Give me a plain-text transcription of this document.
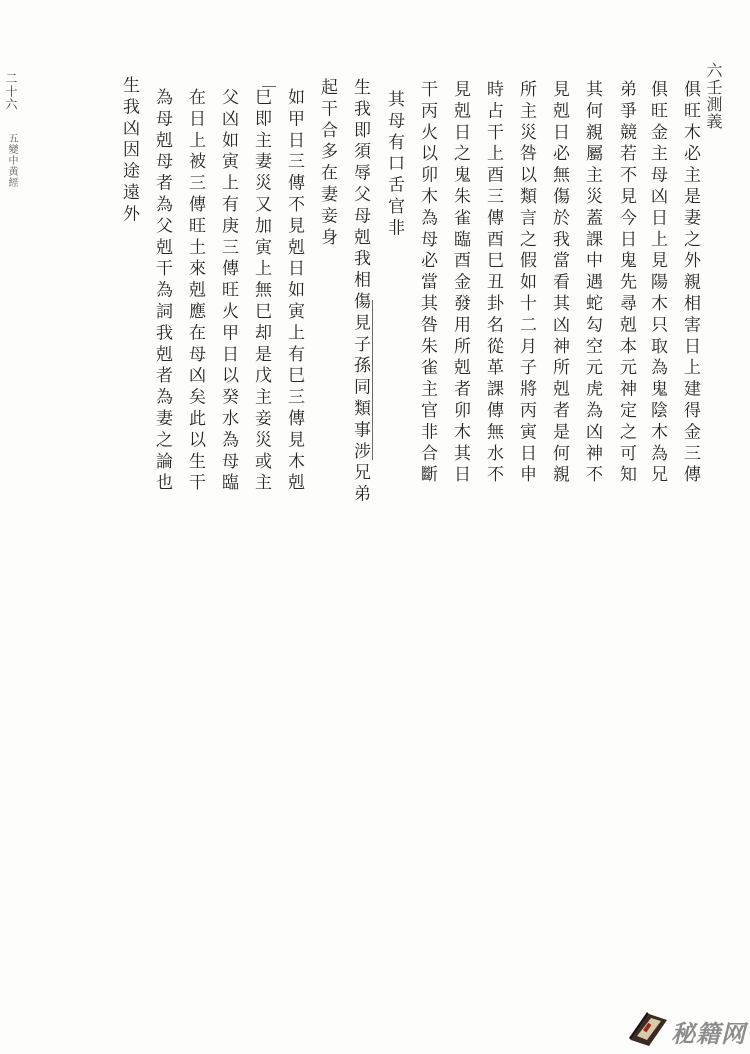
六壬測義
二十六
五變中黄經	俱旺木必主是妻之外親相害日上建得金三傳
俱旺金主母凶日上見陽木只取為鬼陰木為兄
弟爭競若不見今日鬼先尋剋本元神定之可知
其何親屬主災蓋課中遇蛇勾空元虎為凶神不
見剋日必無傷於我當看其凶神所剋者是何親
所主災咎以類言之假如十二月子將丙寅日申
時占干上酉三傳酉巳丑卦名從革課傳無水不
見剋日之鬼朱雀臨酉金發用所剋者卯木其日
干丙火以卯木為母必當其咎朱雀主官非合斷
其母有口舌官非
生我即須辱父母剋我相傷見子孫同類事涉兄弟
起干合多在妻妾身
如甲日三傳不見剋日如寅上有巳三傳見木剋
巳即主妻災又加寅上無巳却是戊主妾災或主
父凶如寅上有庚三傳旺火甲日以癸水為母臨
在日上被三傳旺土來剋應在母凶矣此以生干
為母剋母者為父剋干為詞我剋者為妻之論也
生我凶因途遠外
秘籍网
